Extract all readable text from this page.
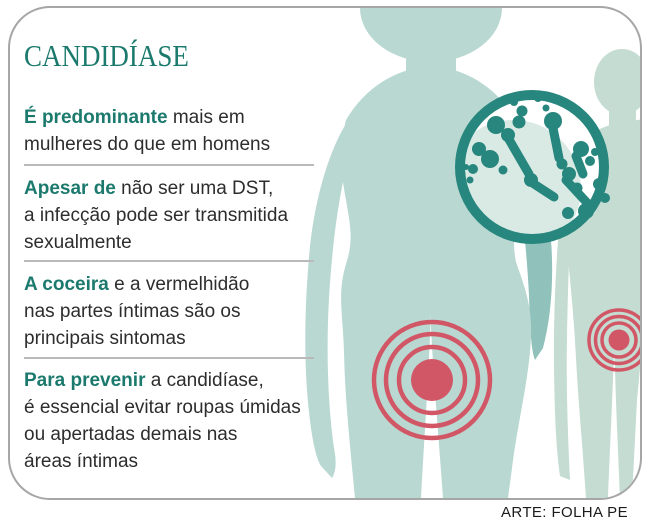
CANDIDÍASE

É predominante mais em
mulheres do que em homens

Apesar de não ser uma DST,
a infecção pode ser transmitida
sexualmente

A coceira e a vermelhidão
nas partes íntimas são os
principais sintomas

Para prevenir a candidíase,
é essencial evitar roupas úmidas
ou apertadas demais nas
áreas íntimas

ARTE: FOLHA PE
